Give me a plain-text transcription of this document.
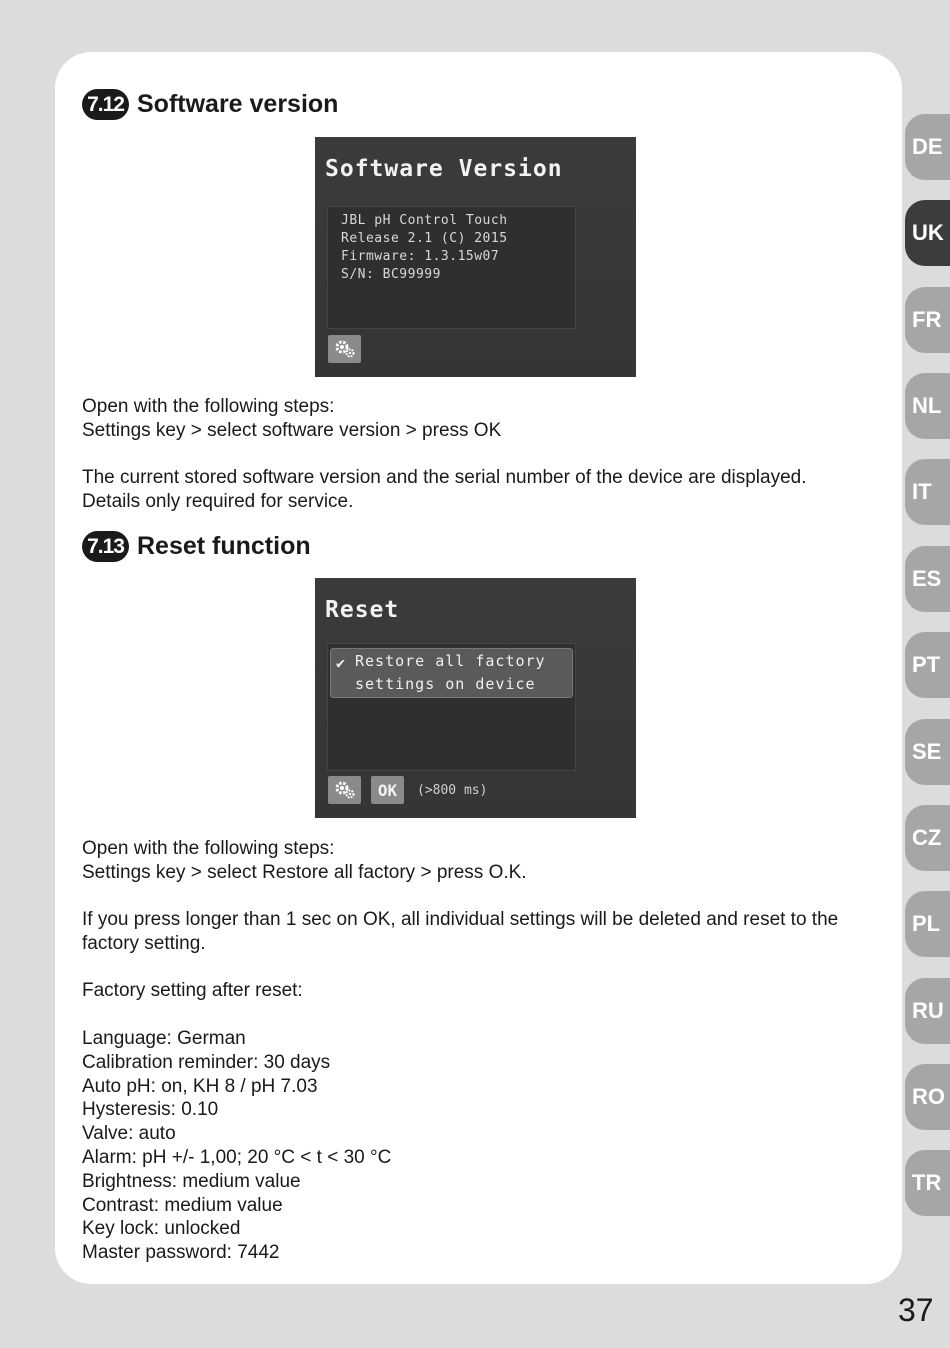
7.12 Software version
Software Version
JBL pH Control Touch
Release 2.1 (C) 2015
Firmware: 1.3.15w07
S/N: BC99999
Open with the following steps:
Settings key > select software version > press OK
The current stored software version and the serial number of the device are displayed.
Details only required for service.
7.13 Reset function
Reset
✔ Restore all factory
settings on device
OK	(>800 ms)
Open with the following steps:
Settings key > select Restore all factory > press O.K.
If you press longer than 1 sec on OK, all individual settings will be deleted and reset to the
factory setting.
Factory setting after reset:
Language: German
Calibration reminder: 30 days
Auto pH: on, KH 8 / pH 7.03
Hysteresis: 0.10
Valve: auto
Alarm: pH +/- 1,00; 20 °C < t < 30 °C
Brightness: medium value
Contrast: medium value
Key lock: unlocked
Master password: 7442
DE
UK
FR
NL
IT
ES
PT
SE
CZ
PL
RU
RO
TR
37
